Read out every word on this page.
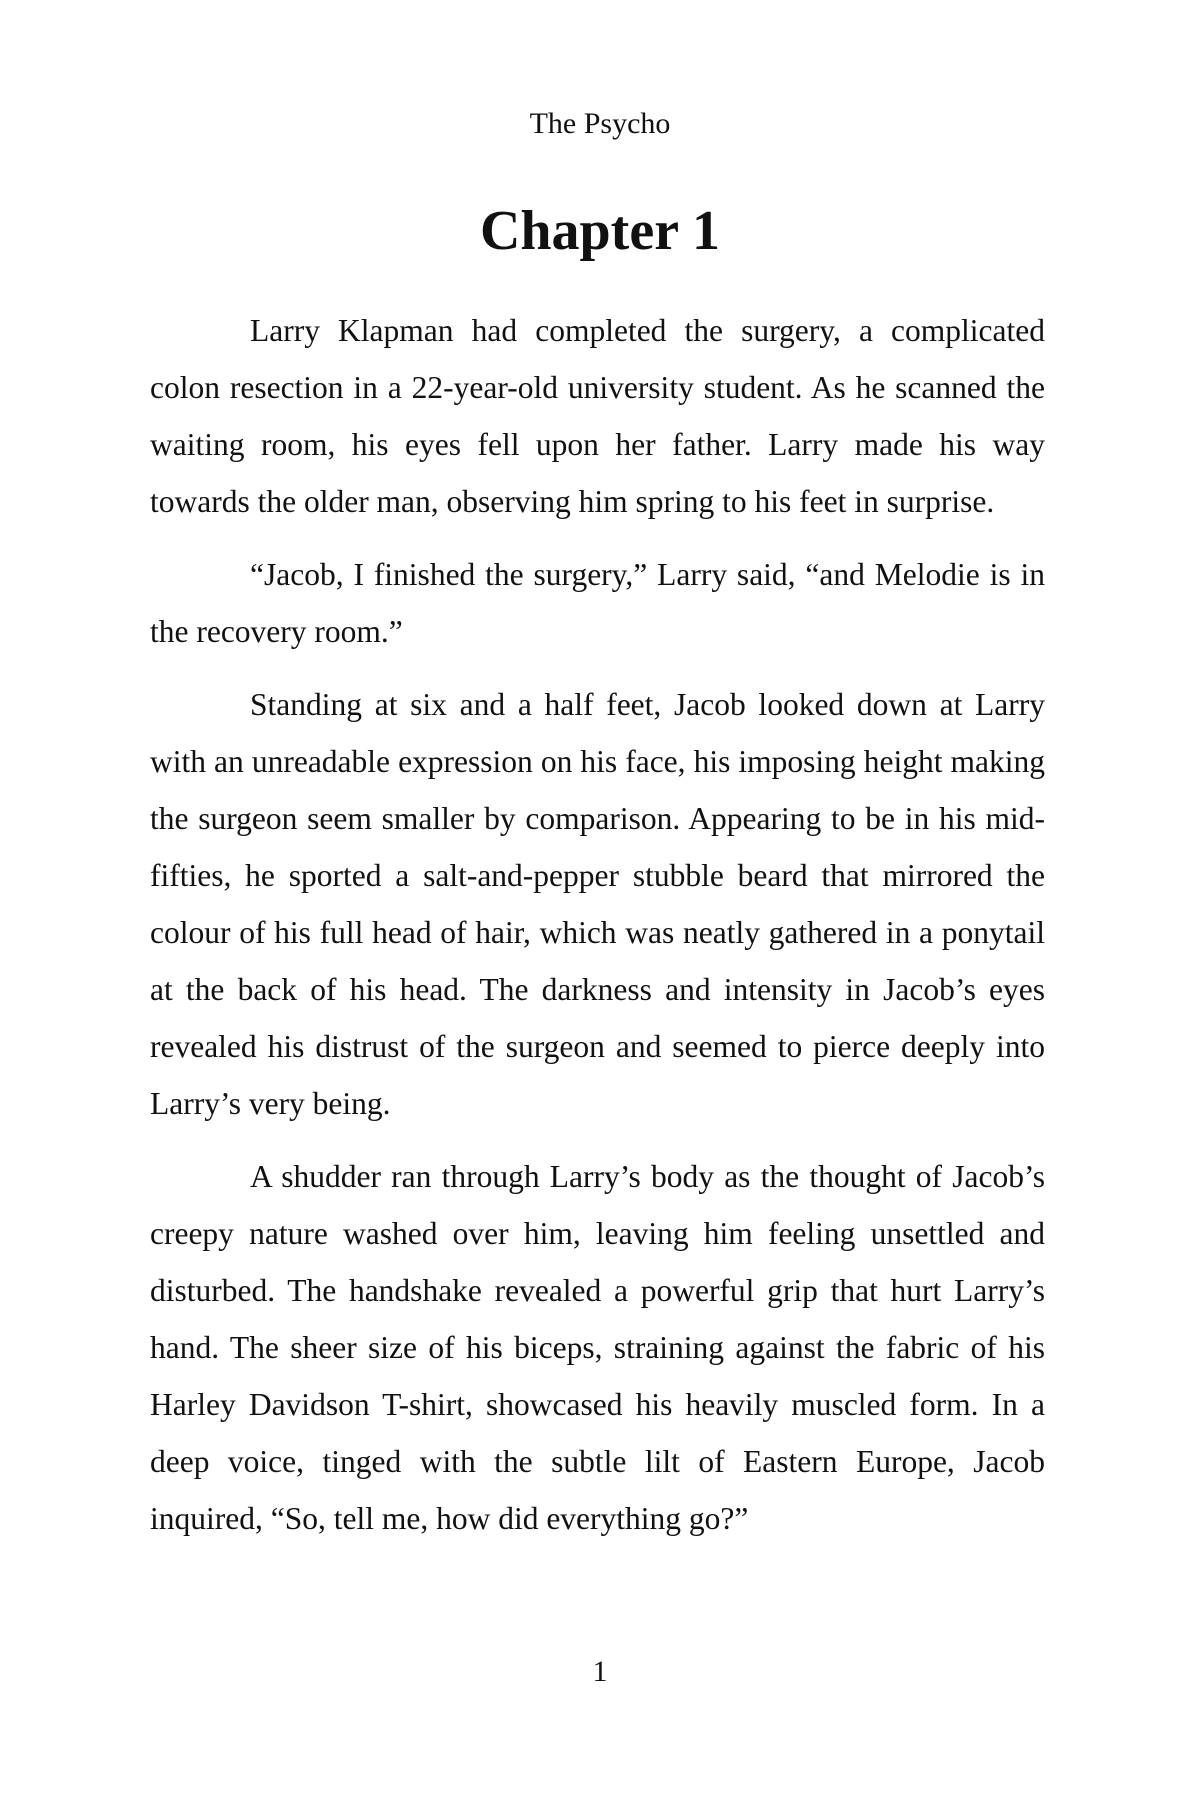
The Psycho
Chapter 1

Larry Klapman had completed the surgery, a complicated colon resection in a 22-year-old university student. As he scanned the waiting room, his eyes fell upon her father. Larry made his way towards the older man, observing him spring to his feet in surprise.

“Jacob, I finished the surgery,” Larry said, “and Melodie is in the recovery room.”

Standing at six and a half feet, Jacob looked down at Larry with an unreadable expression on his face, his imposing height making the surgeon seem smaller by comparison. Appearing to be in his mid-fifties, he sported a salt-and-pepper stubble beard that mirrored the colour of his full head of hair, which was neatly gathered in a ponytail at the back of his head. The darkness and intensity in Jacob’s eyes revealed his distrust of the surgeon and seemed to pierce deeply into Larry’s very being.

A shudder ran through Larry’s body as the thought of Jacob’s creepy nature washed over him, leaving him feeling unsettled and disturbed. The handshake revealed a powerful grip that hurt Larry’s hand. The sheer size of his biceps, straining against the fabric of his Harley Davidson T-shirt, showcased his heavily muscled form. In a deep voice, tinged with the subtle lilt of Eastern Europe, Jacob inquired, “So, tell me, how did everything go?”

1
